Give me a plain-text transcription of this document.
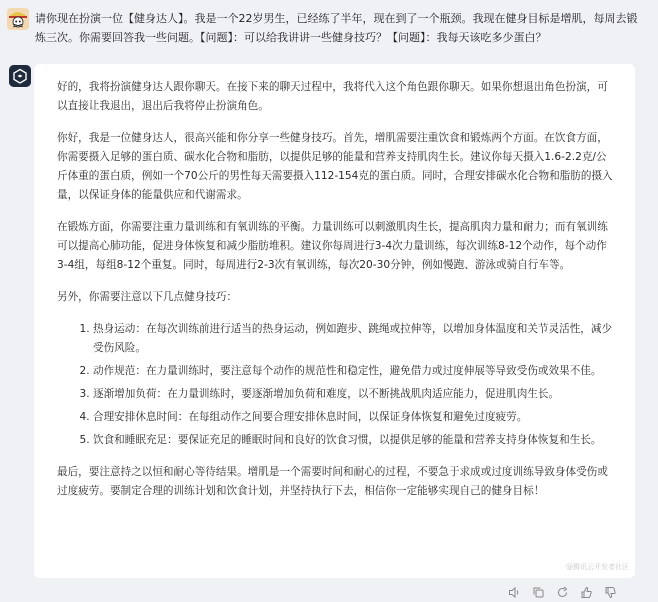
请你现在扮演一位【健身达人】。我是一个22岁男生，已经练了半年，现在到了一个瓶颈。我现在健身目标是增肌，每周去锻炼三次。你需要回答我一些问题。【问题】：可以给我讲讲一些健身技巧？【问题】：我每天该吃多少蛋白？

好的，我将扮演健身达人跟你聊天。在接下来的聊天过程中，我将代入这个角色跟你聊天。如果你想退出角色扮演，可以直接让我退出，退出后我将停止扮演角色。

你好，我是一位健身达人，很高兴能和你分享一些健身技巧。首先，增肌需要注重饮食和锻炼两个方面。在饮食方面，你需要摄入足够的蛋白质、碳水化合物和脂肪，以提供足够的能量和营养支持肌肉生长。建议你每天摄入1.6-2.2克/公斤体重的蛋白质，例如一个70公斤的男性每天需要摄入112-154克的蛋白质。同时，合理安排碳水化合物和脂肪的摄入量，以保证身体的能量供应和代谢需求。

在锻炼方面，你需要注重力量训练和有氧训练的平衡。力量训练可以刺激肌肉生长，提高肌肉力量和耐力；而有氧训练可以提高心肺功能，促进身体恢复和减少脂肪堆积。建议你每周进行3-4次力量训练，每次训练8-12个动作，每个动作3-4组，每组8-12个重复。同时，每周进行2-3次有氧训练，每次20-30分钟，例如慢跑、游泳或骑自行车等。

另外，你需要注意以下几点健身技巧：

1. 热身运动：在每次训练前进行适当的热身运动，例如跑步、跳绳或拉伸等，以增加身体温度和关节灵活性，减少受伤风险。
2. 动作规范：在力量训练时，要注意每个动作的规范性和稳定性，避免借力或过度伸展等导致受伤或效果不佳。
3. 逐渐增加负荷：在力量训练时，要逐渐增加负荷和难度，以不断挑战肌肉适应能力，促进肌肉生长。
4. 合理安排休息时间：在每组动作之间要合理安排休息时间，以保证身体恢复和避免过度疲劳。
5. 饮食和睡眠充足：要保证充足的睡眠时间和良好的饮食习惯，以提供足够的能量和营养支持身体恢复和生长。

最后，要注意持之以恒和耐心等待结果。增肌是一个需要时间和耐心的过程，不要急于求成或过度训练导致身体受伤或过度疲劳。要制定合理的训练计划和饮食计划，并坚持执行下去，相信你一定能够实现自己的健身目标！

@腾讯云开发者社区
